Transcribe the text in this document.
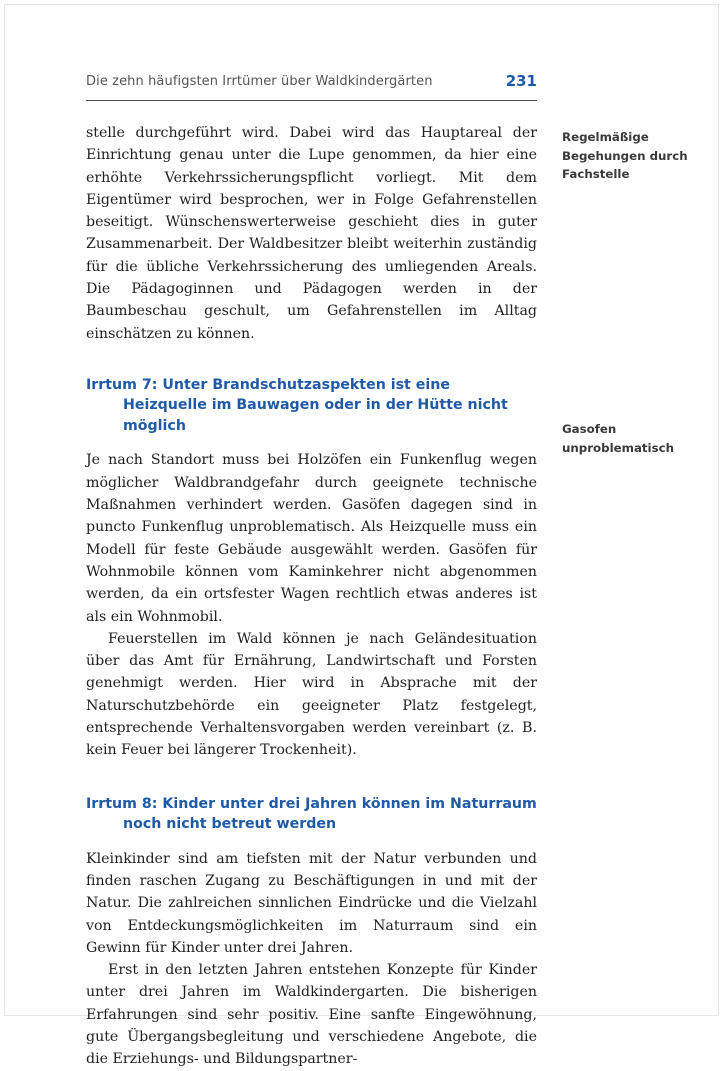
Die zehn häufigsten Irrtümer über Waldkindergärten	231

stelle durchgeführt wird. Dabei wird das Hauptareal der Einrichtung genau unter die Lupe genommen, da hier eine erhöhte Verkehrssicherungspflicht vorliegt. Mit dem Eigentümer wird besprochen, wer in Folge Gefahrenstellen beseitigt. Wünschenswerterweise geschieht dies in guter Zusammenarbeit. Der Waldbesitzer bleibt weiterhin zuständig für die übliche Verkehrssicherung des umliegenden Areals. Die Pädagoginnen und Pädagogen werden in der Baumbeschau geschult, um Gefahrenstellen im Alltag einschätzen zu können.

Irrtum 7: Unter Brandschutzaspekten ist eine Heizquelle im Bauwagen oder in der Hütte nicht möglich

Je nach Standort muss bei Holzöfen ein Funkenflug wegen möglicher Waldbrandgefahr durch geeignete technische Maßnahmen verhindert werden. Gasöfen dagegen sind in puncto Funkenflug unproblematisch. Als Heizquelle muss ein Modell für feste Gebäude ausgewählt werden. Gasöfen für Wohnmobile können vom Kaminkehrer nicht abgenommen werden, da ein ortsfester Wagen rechtlich etwas anderes ist als ein Wohnmobil.

Feuerstellen im Wald können je nach Geländesituation über das Amt für Ernährung, Landwirtschaft und Forsten genehmigt werden. Hier wird in Absprache mit der Naturschutzbehörde ein geeigneter Platz festgelegt, entsprechende Verhaltensvorgaben werden vereinbart (z. B. kein Feuer bei längerer Trockenheit).

Irrtum 8: Kinder unter drei Jahren können im Naturraum noch nicht betreut werden

Kleinkinder sind am tiefsten mit der Natur verbunden und finden raschen Zugang zu Beschäftigungen in und mit der Natur. Die zahlreichen sinnlichen Eindrücke und die Vielzahl von Entdeckungsmöglichkeiten im Naturraum sind ein Gewinn für Kinder unter drei Jahren.

Erst in den letzten Jahren entstehen Konzepte für Kinder unter drei Jahren im Waldkindergarten. Die bisherigen Erfahrungen sind sehr positiv. Eine sanfte Eingewöhnung, gute Übergangsbegleitung und verschiedene Angebote, die die Erziehungs- und Bildungspartner-

Regelmäßige Begehungen durch Fachstelle
Gasofen unproblematisch
